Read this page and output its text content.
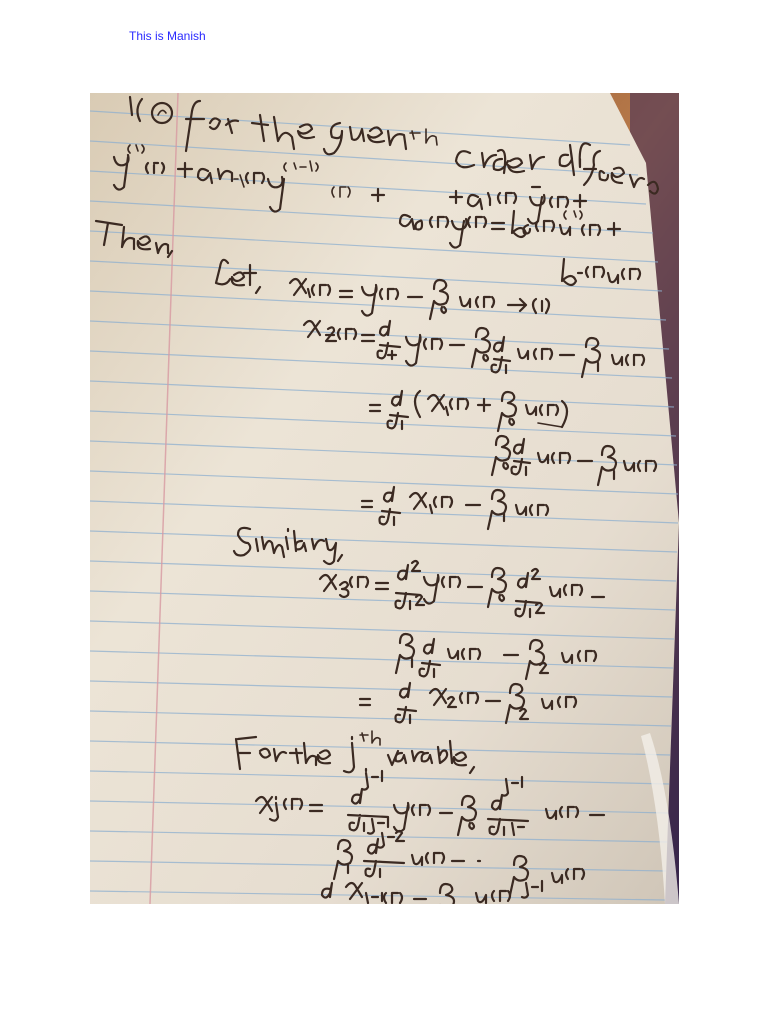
This is Manish
